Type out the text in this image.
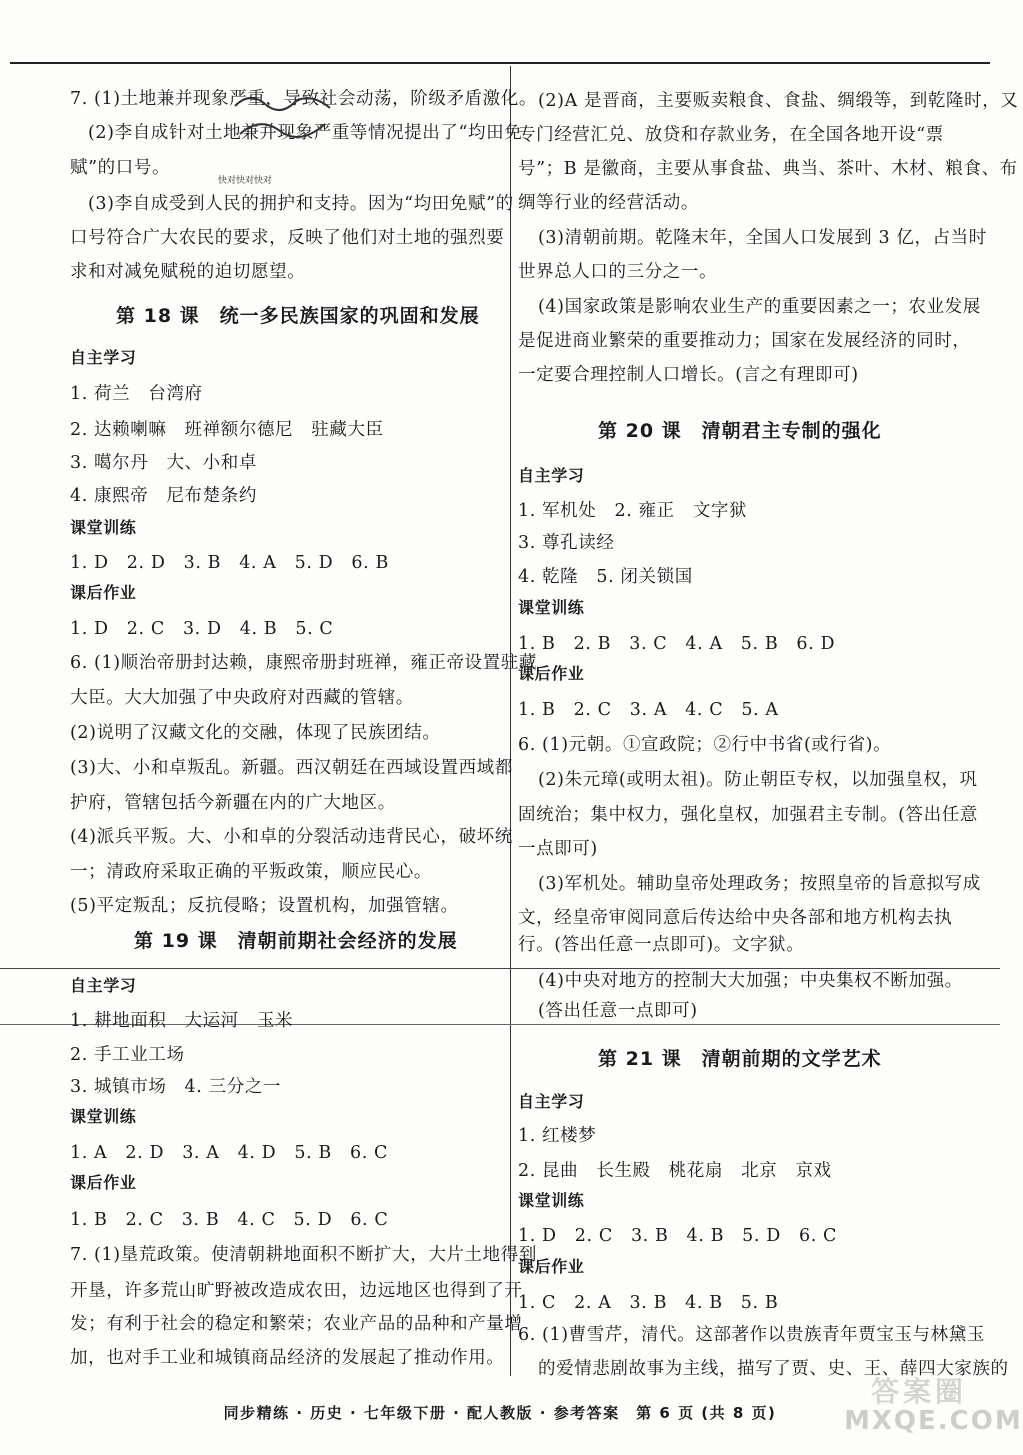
7. (1)土地兼并现象严重，导致社会动荡，阶级矛盾激化。
(2)李自成针对土地兼并现象严重等情况提出了“均田免
赋”的口号。
(3)李自成受到人民的拥护和支持。因为“均田免赋”的
口号符合广大农民的要求，反映了他们对土地的强烈要
求和对减免赋税的迫切愿望。
第 18 课　统一多民族国家的巩固和发展
自主学习
1. 荷兰　台湾府
2. 达赖喇嘛　班禅额尔德尼　驻藏大臣
3. 噶尔丹　大、小和卓
4. 康熙帝　尼布楚条约
课堂训练
1. D　2. D　3. B　4. A　5. D　6. B
课后作业
1. D　2. C　3. D　4. B　5. C
6. (1)顺治帝册封达赖，康熙帝册封班禅，雍正帝设置驻藏
大臣。大大加强了中央政府对西藏的管辖。
(2)说明了汉藏文化的交融，体现了民族团结。
(3)大、小和卓叛乱。新疆。西汉朝廷在西域设置西域都
护府，管辖包括今新疆在内的广大地区。
(4)派兵平叛。大、小和卓的分裂活动违背民心，破坏统
一；清政府采取正确的平叛政策，顺应民心。
(5)平定叛乱；反抗侵略；设置机构，加强管辖。
第 19 课　清朝前期社会经济的发展
自主学习
1. 耕地面积　大运河　玉米
2. 手工业工场
3. 城镇市场　4. 三分之一
课堂训练
1. A　2. D　3. A　4. D　5. B　6. C
课后作业
1. B　2. C　3. B　4. C　5. D　6. C
7. (1)垦荒政策。使清朝耕地面积不断扩大，大片土地得到
开垦，许多荒山旷野被改造成农田，边远地区也得到了开
发；有利于社会的稳定和繁荣；农业产品的品种和产量增
加，也对手工业和城镇商品经济的发展起了推动作用。
快对快对快对
(2)A 是晋商，主要贩卖粮食、食盐、绸缎等，到乾隆时，又
专门经营汇兑、放贷和存款业务，在全国各地开设“票
号”；B 是徽商，主要从事食盐、典当、茶叶、木材、粮食、布
绸等行业的经营活动。
(3)清朝前期。乾隆末年，全国人口发展到 3 亿，占当时
世界总人口的三分之一。
(4)国家政策是影响农业生产的重要因素之一；农业发展
是促进商业繁荣的重要推动力；国家在发展经济的同时，
一定要合理控制人口增长。(言之有理即可)
第 20 课　清朝君主专制的强化
自主学习
1. 军机处　2. 雍正　文字狱
3. 尊孔读经
4. 乾隆　5. 闭关锁国
课堂训练
1. B　2. B　3. C　4. A　5. B　6. D
课后作业
1. B　2. C　3. A　4. C　5. A
6. (1)元朝。①宣政院；②行中书省(或行省)。
(2)朱元璋(或明太祖)。防止朝臣专权，以加强皇权，巩
固统治；集中权力，强化皇权，加强君主专制。(答出任意
一点即可)
(3)军机处。辅助皇帝处理政务；按照皇帝的旨意拟写成
文，经皇帝审阅同意后传达给中央各部和地方机构去执
行。(答出任意一点即可)。文字狱。
(4)中央对地方的控制大大加强；中央集权不断加强。
(答出任意一点即可)
第 21 课　清朝前期的文学艺术
自主学习
1. 红楼梦
2. 昆曲　长生殿　桃花扇　北京　京戏
课堂训练
1. D　2. C　3. B　4. B　5. D　6. C
课后作业
1. C　2. A　3. B　4. B　5. B
6. (1)曹雪芹，清代。这部著作以贵族青年贾宝玉与林黛玉
的爱情悲剧故事为主线，描写了贾、史、王、薛四大家族的
同步精练 · 历史 · 七年级下册 · 配人教版 · 参考答案　第 6 页 (共 8 页)
答案圈
MXQE.COM
